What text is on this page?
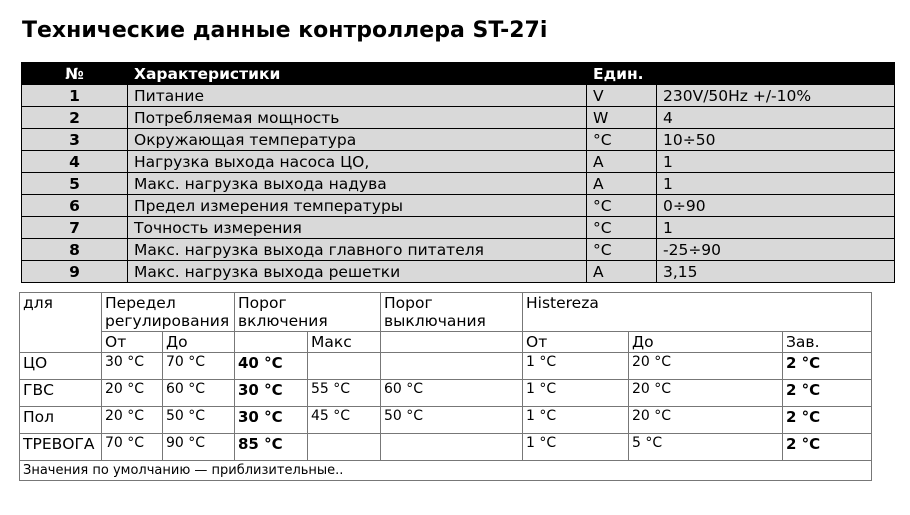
Технические данные контроллера ST-27i
№	Характеристики	Един.	
1	Питание	V	230V/50Hz +/-10%
2	Потребляемая мощность	W	4
3	Окружающая температура	°C	10÷50
4	Нагрузка выхода насоса ЦО,	A	1
5	Макс. нагрузка выхода надува	A	1
6	Предел измерения температуры	°C	0÷90
7	Точность измерения	°C	1
8	Макс. нагрузка выхода главного питателя	°C	-25÷90
9	Макс. нагрузка выхода решетки	A	3,15
для	Передел регулирования		Порог включения		Порог выключания	Histereza		
	От	До		Макс		От	До	Зав.
ЦО	30 °C	70 °C	40 °C			1 °C	20 °C	2 °C
ГВС	20 °C	60 °C	30 °C	55 °C	60 °C	1 °C	20 °C	2 °C
Пол	20 °C	50 °C	30 °C	45 °C	50 °C	1 °C	20 °C	2 °C
ТРЕВОГА	70 °C	90 °C	85 °C			1 °C	5 °C	2 °C
Значения по умолчанию — приблизительные..								
